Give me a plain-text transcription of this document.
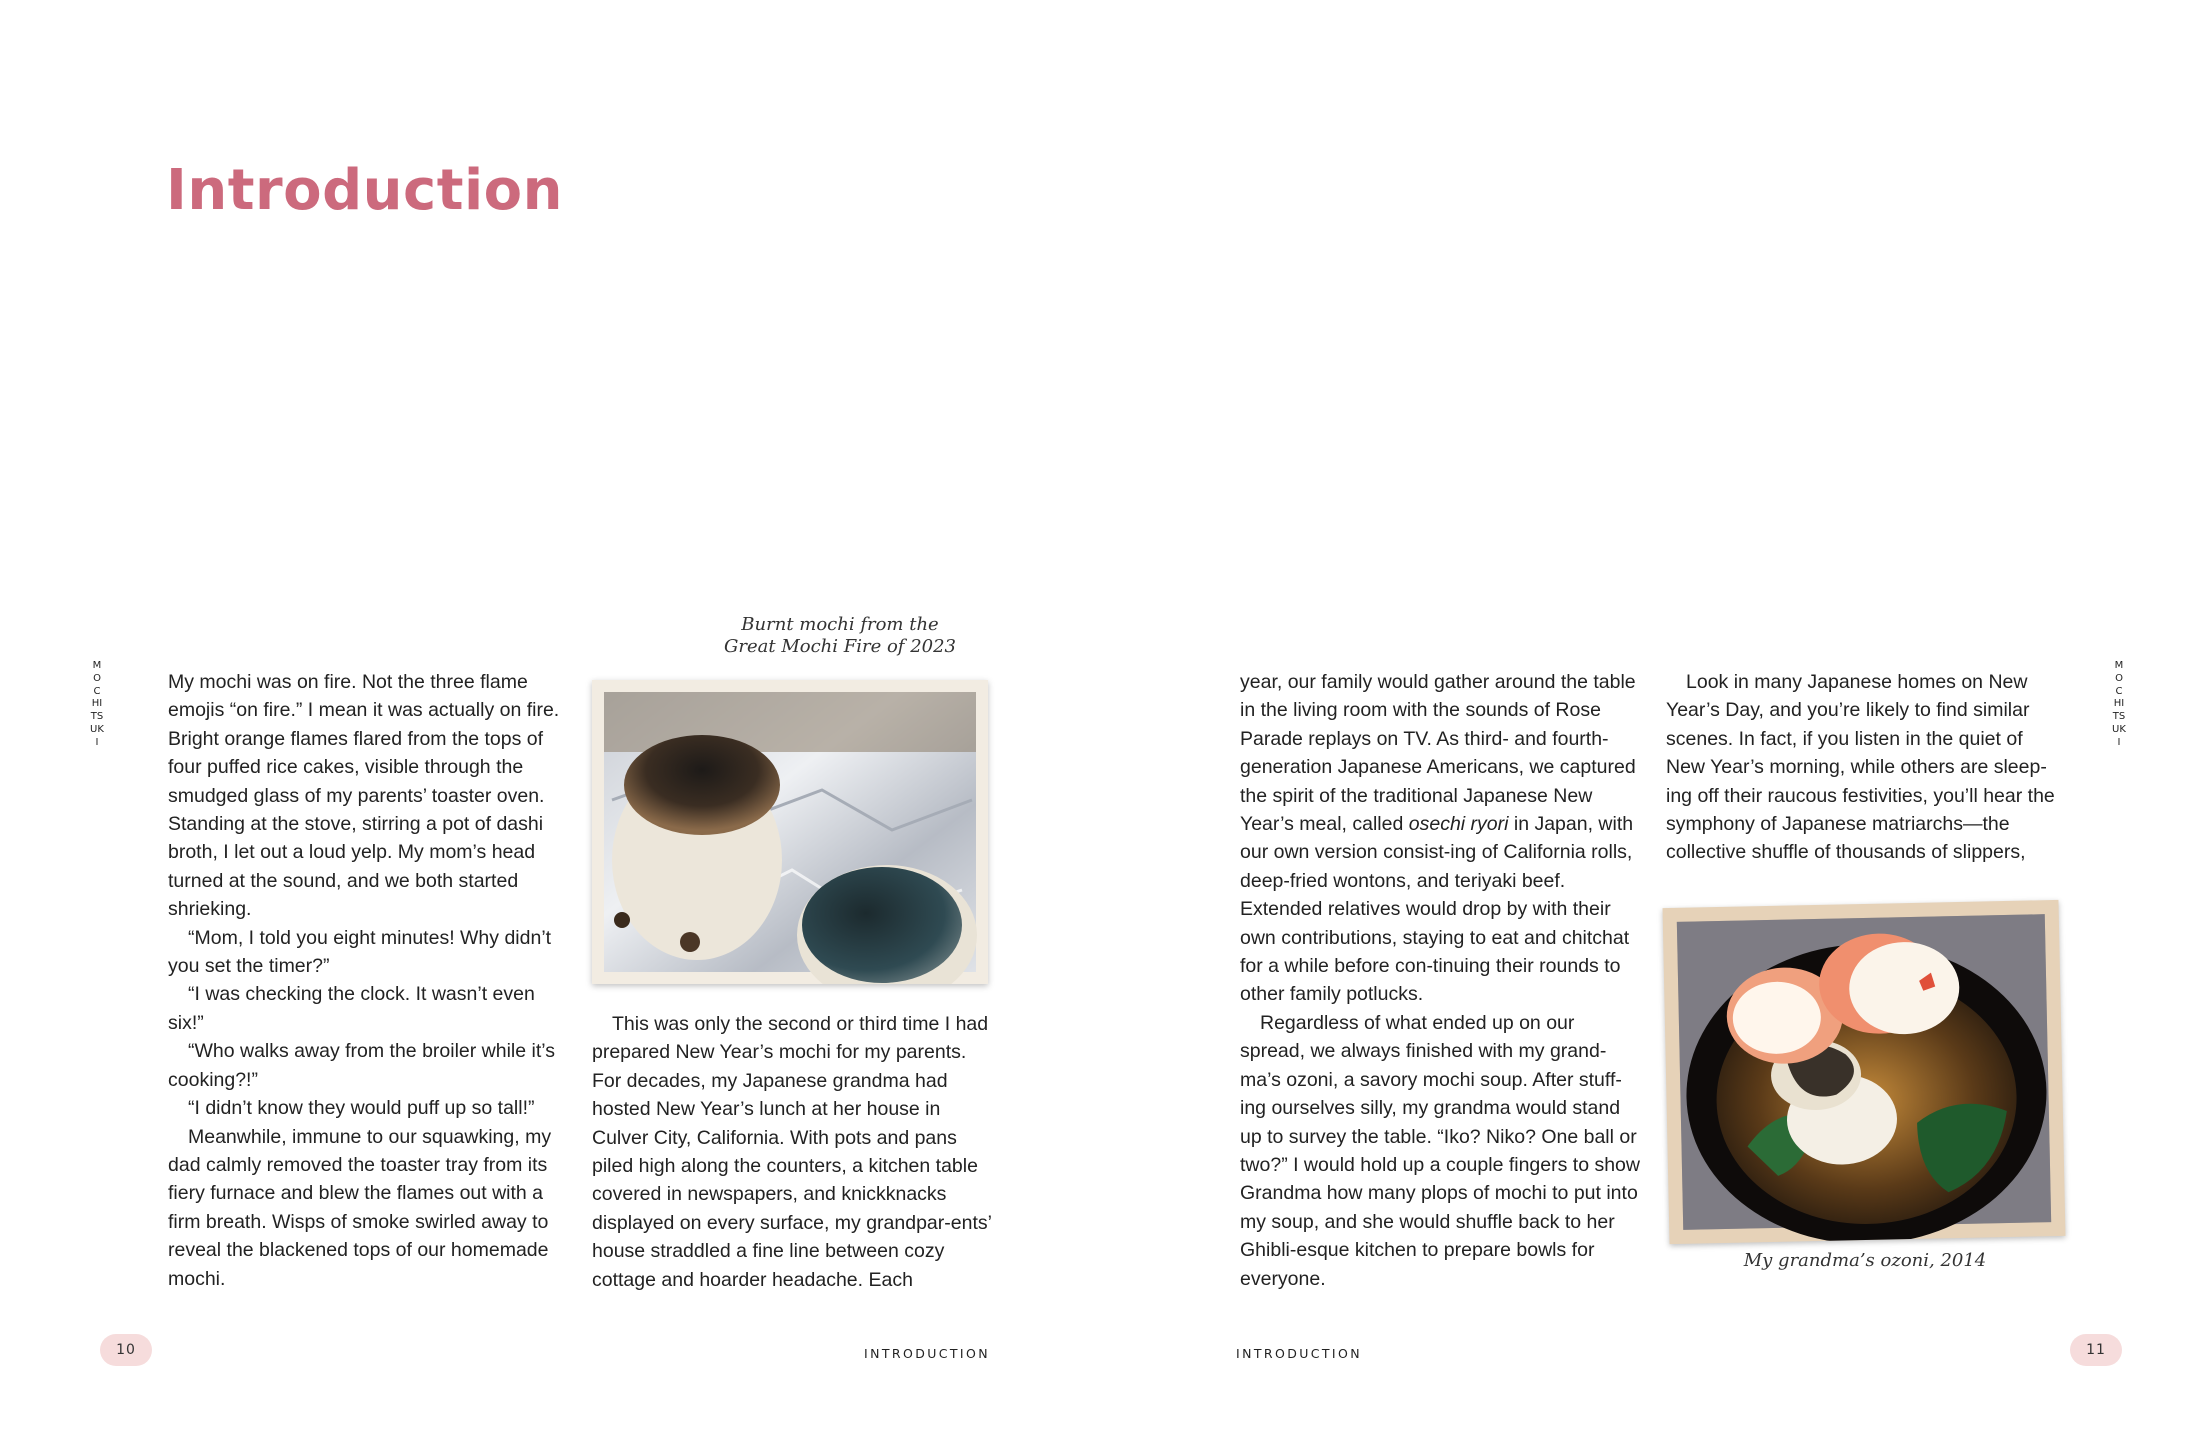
Introduction
MOCHITSUKI

My mochi was on fire. Not the three flame emojis “on fire.” I mean it was actually on fire. Bright orange flames flared from the tops of four puffed rice cakes, visible through the smudged glass of my parents’ toaster oven. Standing at the stove, stirring a pot of dashi broth, I let out a loud yelp. My mom’s head turned at the sound, and we both started shrieking.

“Mom, I told you eight minutes! Why didn’t you set the timer?”

“I was checking the clock. It wasn’t even six!”

“Who walks away from the broiler while it’s cooking?!”

“I didn’t know they would puff up so tall!”

Meanwhile, immune to our squawking, my dad calmly removed the toaster tray from its fiery furnace and blew the flames out with a firm breath. Wisps of smoke swirled away to reveal the blackened tops of our homemade mochi.

Burnt mochi from the
Great Mochi Fire of 2023

This was only the second or third time I had prepared New Year’s mochi for my parents. For decades, my Japanese grandma had hosted New Year’s lunch at her house in Culver City, California. With pots and pans piled high along the counters, a kitchen table covered in newspapers, and knickknacks displayed on every surface, my grandpar-ents’ house straddled a fine line between cozy cottage and hoarder headache. Each

year, our family would gather around the table in the living room with the sounds of Rose Parade replays on TV. As third- and fourth-generation Japanese Americans, we captured the spirit of the traditional Japanese New Year’s meal, called osechi ryori in Japan, with our own version consist-ing of California rolls, deep-fried wontons, and teriyaki beef. Extended relatives would drop by with their own contributions, staying to eat and chitchat for a while before con-tinuing their rounds to other family potlucks.

Regardless of what ended up on our spread, we always finished with my grand-ma’s ozoni, a savory mochi soup. After stuff-ing ourselves silly, my grandma would stand up to survey the table. “Iko? Niko? One ball or two?” I would hold up a couple fingers to show Grandma how many plops of mochi to put into my soup, and she would shuffle back to her Ghibli-esque kitchen to prepare bowls for everyone.

Look in many Japanese homes on New Year’s Day, and you’re likely to find similar scenes. In fact, if you listen in the quiet of New Year’s morning, while others are sleep-ing off their raucous festivities, you’ll hear the symphony of Japanese matriarchs—the collective shuffle of thousands of slippers,

My grandma’s ozoni, 2014
MOCHITSUKI
10	INTRODUCTION	INTRODUCTION	11
